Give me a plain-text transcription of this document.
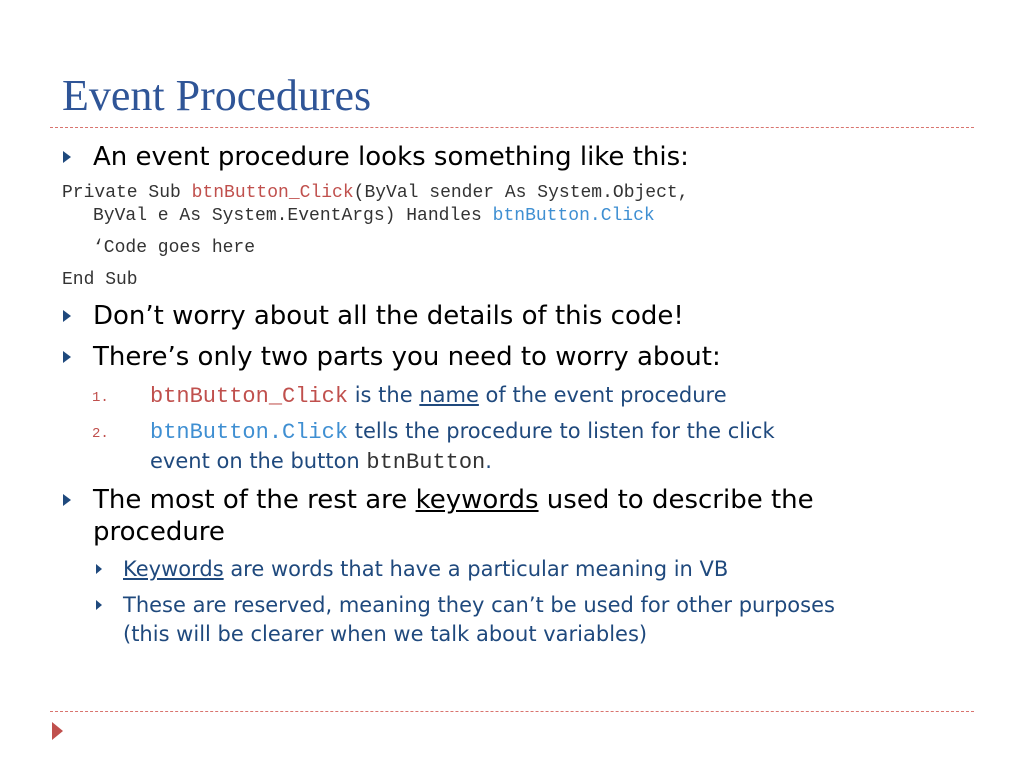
Event Procedures
An event procedure looks something like this:
Private Sub btnButton_Click(ByVal sender As System.Object,
ByVal e As System.EventArgs) Handles btnButton.Click
‘Code goes here
End Sub
Don’t worry about all the details of this code!
There’s only two parts you need to worry about:
1. btnButton_Click is the name of the event procedure
2. btnButton.Click tells the procedure to listen for the click
event on the button btnButton.
The most of the rest are keywords used to describe the
procedure
Keywords are words that have a particular meaning in VB
These are reserved, meaning they can’t be used for other purposes
(this will be clearer when we talk about variables)
